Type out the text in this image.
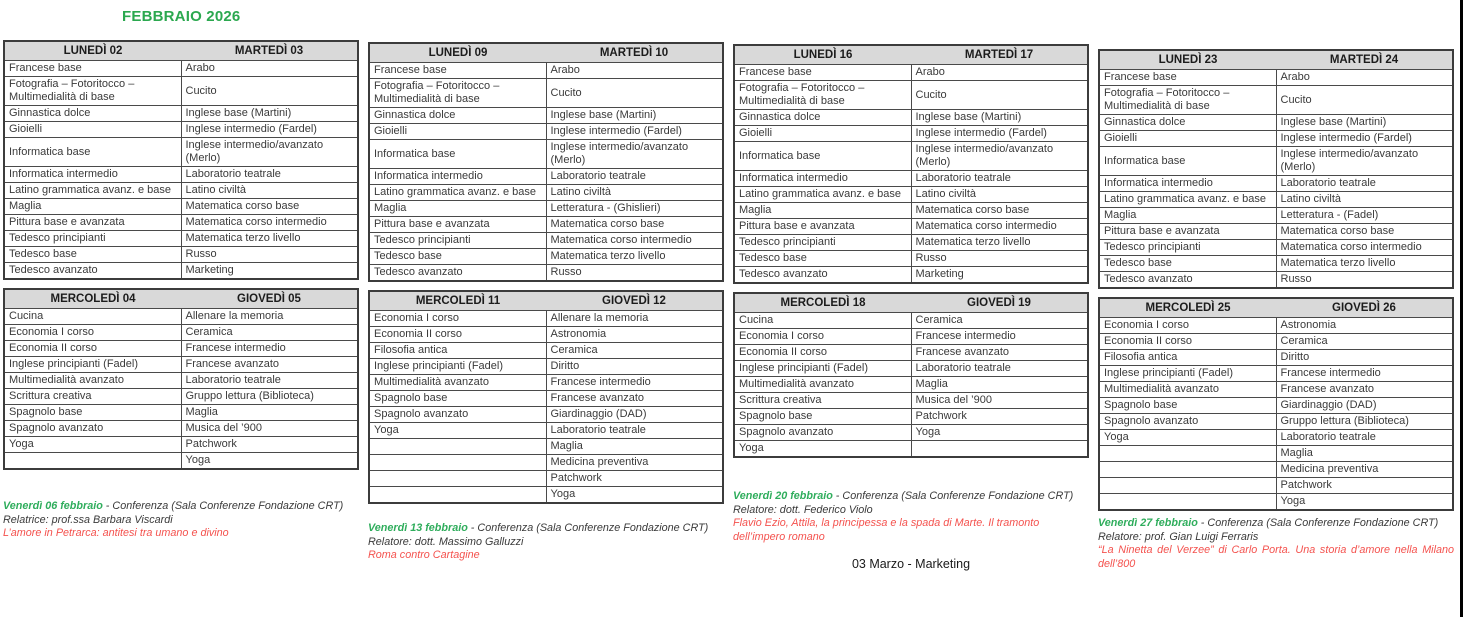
FEBBRAIO 2026
LUNEDÌ 02	MARTEDÌ 03
Francese base	Arabo
Fotografia – Fotoritocco – Multimedialità di base	Cucito
Ginnastica dolce	Inglese base (Martini)
Gioielli	Inglese intermedio (Fardel)
Informatica base	Inglese intermedio/avanzato (Merlo)
Informatica intermedio	Laboratorio teatrale
Latino grammatica avanz. e base	Latino civiltà
Maglia	Matematica corso base
Pittura base e avanzata	Matematica corso intermedio
Tedesco principianti	Matematica terzo livello
Tedesco base	Russo
Tedesco avanzato	Marketing
MERCOLEDÌ 04	GIOVEDÌ 05
Cucina	Allenare la memoria
Economia I corso	Ceramica
Economia II corso	Francese intermedio
Inglese principianti (Fadel)	Francese avanzato
Multimedialità avanzato	Laboratorio teatrale
Scrittura creativa	Gruppo lettura (Biblioteca)
Spagnolo base	Maglia
Spagnolo avanzato	Musica del ’900
Yoga	Patchwork
	Yoga

Venerdì 06 febbraio - Conferenza (Sala Conferenze Fondazione CRT)

Relatrice: prof.ssa Barbara Viscardi

L’amore in Petrarca: antitesi tra umano e divino

LUNEDÌ 09	MARTEDÌ 10
Francese base	Arabo
Fotografia – Fotoritocco – Multimedialità di base	Cucito
Ginnastica dolce	Inglese base (Martini)
Gioielli	Inglese intermedio (Fardel)
Informatica base	Inglese intermedio/avanzato (Merlo)
Informatica intermedio	Laboratorio teatrale
Latino grammatica avanz. e base	Latino civiltà
Maglia	Letteratura - (Ghislieri)
Pittura base e avanzata	Matematica corso base
Tedesco principianti	Matematica corso intermedio
Tedesco base	Matematica terzo livello
Tedesco avanzato	Russo
MERCOLEDÌ 11	GIOVEDÌ 12
Economia I corso	Allenare la memoria
Economia II corso	Astronomia
Filosofia antica	Ceramica
Inglese principianti (Fadel)	Diritto
Multimedialità avanzato	Francese intermedio
Spagnolo base	Francese avanzato
Spagnolo avanzato	Giardinaggio (DAD)
Yoga	Laboratorio teatrale
	Maglia
	Medicina preventiva
	Patchwork
	Yoga

Venerdì 13 febbraio - Conferenza (Sala Conferenze Fondazione CRT)

Relatore: dott. Massimo Galluzzi

Roma contro Cartagine

LUNEDÌ 16	MARTEDÌ 17
Francese base	Arabo
Fotografia – Fotoritocco – Multimedialità di base	Cucito
Ginnastica dolce	Inglese base (Martini)
Gioielli	Inglese intermedio (Fardel)
Informatica base	Inglese intermedio/avanzato (Merlo)
Informatica intermedio	Laboratorio teatrale
Latino grammatica avanz. e base	Latino civiltà
Maglia	Matematica corso base
Pittura base e avanzata	Matematica corso intermedio
Tedesco principianti	Matematica terzo livello
Tedesco base	Russo
Tedesco avanzato	Marketing
MERCOLEDÌ 18	GIOVEDÌ 19
Cucina	Ceramica
Economia I corso	Francese intermedio
Economia II corso	Francese avanzato
Inglese principianti (Fadel)	Laboratorio teatrale
Multimedialità avanzato	Maglia
Scrittura creativa	Musica del ’900
Spagnolo base	Patchwork
Spagnolo avanzato	Yoga
Yoga	

Venerdì 20 febbraio - Conferenza (Sala Conferenze Fondazione CRT)

Relatore: dott. Federico Violo

Flavio Ezio, Attila, la principessa e la spada di Marte. Il tramonto dell’impero romano

03 Marzo - Marketing

LUNEDÌ 23	MARTEDÌ 24
Francese base	Arabo
Fotografia – Fotoritocco – Multimedialità di base	Cucito
Ginnastica dolce	Inglese base (Martini)
Gioielli	Inglese intermedio (Fardel)
Informatica base	Inglese intermedio/avanzato (Merlo)
Informatica intermedio	Laboratorio teatrale
Latino grammatica avanz. e base	Latino civiltà
Maglia	Letteratura - (Fadel)
Pittura base e avanzata	Matematica corso base
Tedesco principianti	Matematica corso intermedio
Tedesco base	Matematica terzo livello
Tedesco avanzato	Russo
MERCOLEDÌ 25	GIOVEDÌ 26
Economia I corso	Astronomia
Economia II corso	Ceramica
Filosofia antica	Diritto
Inglese principianti (Fadel)	Francese intermedio
Multimedialità avanzato	Francese avanzato
Spagnolo base	Giardinaggio (DAD)
Spagnolo avanzato	Gruppo lettura (Biblioteca)
Yoga	Laboratorio teatrale
	Maglia
	Medicina preventiva
	Patchwork
	Yoga

Venerdì 27 febbraio - Conferenza (Sala Conferenze Fondazione CRT)

Relatore: prof. Gian Luigi Ferraris

“La Ninetta del Verzee” di Carlo Porta. Una storia d’amore nella Milano dell’800
